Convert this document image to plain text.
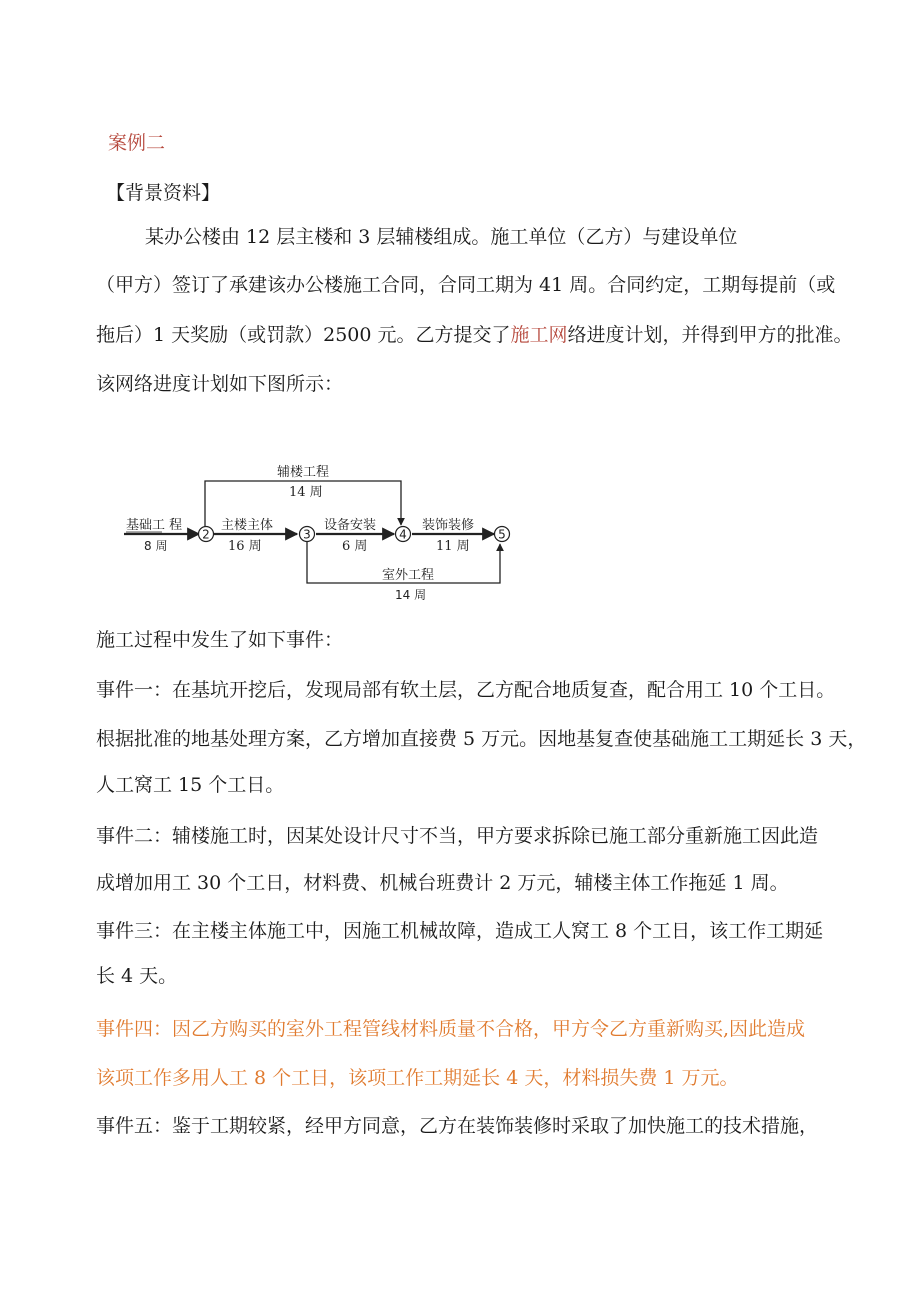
案例二
【背景资料】
某办公楼由 12 层主楼和 3 层辅楼组成。施工单位（乙方）与建设单位
（甲方）签订了承建该办公楼施工合同，合同工期为 41 周。合同约定，工期每提前（或
拖后）1 天奖励（或罚款）2500 元。乙方提交了施工网络进度计划，并得到甲方的批准。
该网络进度计划如下图所示：
2	3	4	5
基础工 程
8 周
主楼主体
16 周
设备安装
6 周
装饰装修
11 周
辅楼工程
14 周
室外工程
14 周
施工过程中发生了如下事件：
事件一：在基坑开挖后，发现局部有软土层，乙方配合地质复查，配合用工 10 个工日。
根据批准的地基处理方案，乙方增加直接费 5 万元。因地基复查使基础施工工期延长 3 天，
人工窝工 15 个工日。
事件二：辅楼施工时，因某处设计尺寸不当，甲方要求拆除已施工部分重新施工因此造
成增加用工 30 个工日，材料费、机械台班费计 2 万元，辅楼主体工作拖延 1 周。
事件三：在主楼主体施工中，因施工机械故障，造成工人窝工 8 个工日，该工作工期延
长 4 天。
事件四：因乙方购买的室外工程管线材料质量不合格，甲方令乙方重新购买,因此造成
该项工作多用人工 8 个工日，该项工作工期延长 4 天，材料损失费 1 万元。
事件五：鉴于工期较紧，经甲方同意，乙方在装饰装修时采取了加快施工的技术措施，
